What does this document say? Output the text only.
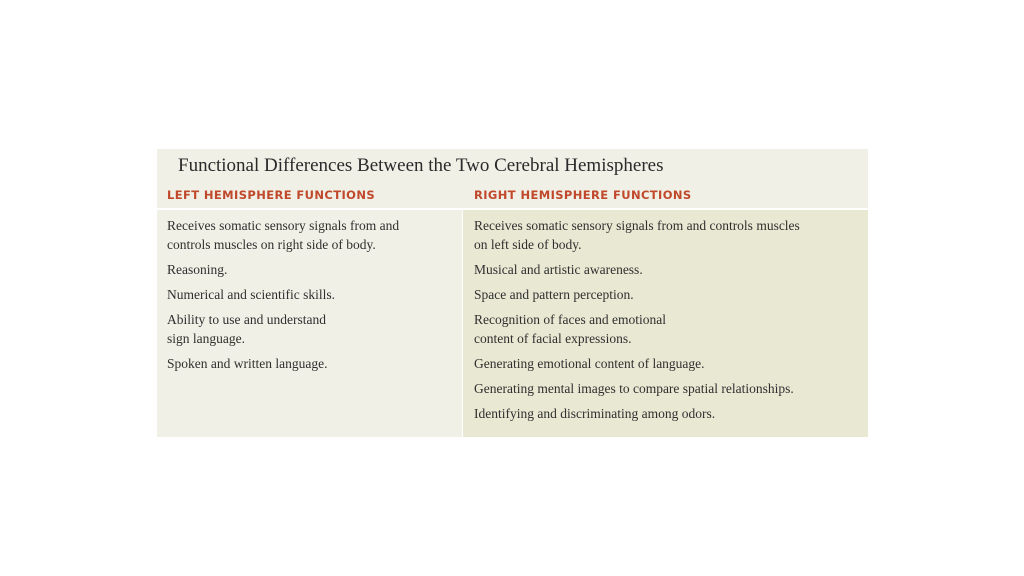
Functional Differences Between the Two Cerebral Hemispheres
LEFT HEMISPHERE FUNCTIONS	RIGHT HEMISPHERE FUNCTIONS
Receives somatic sensory signals from and
controls muscles on right side of body.
Reasoning.
Numerical and scientific skills.
Ability to use and understand
sign language.
Spoken and written language.
Receives somatic sensory signals from and controls muscles
on left side of body.
Musical and artistic awareness.
Space and pattern perception.
Recognition of faces and emotional
content of facial expressions.
Generating emotional content of language.
Generating mental images to compare spatial relationships.
Identifying and discriminating among odors.
